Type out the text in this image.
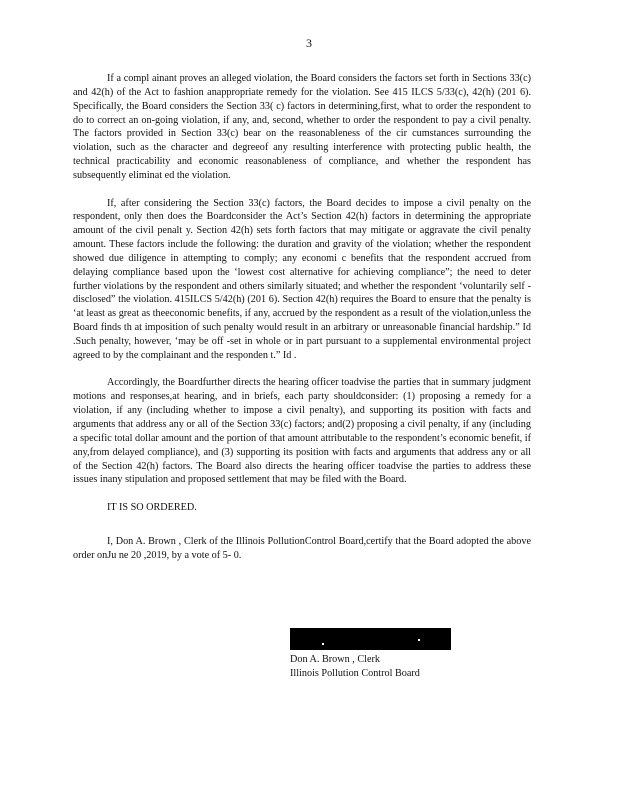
3

If a compl ainant proves an alleged violation, the Board considers the factors set forth in Sections 33(c) and 42(h) of the Act to fashion anappropriate remedy for the violation. See 415 ILCS 5/33(c), 42(h) (201 6). Specifically, the Board considers the Section 33( c) factors in determining,first, what to order the respondent to do to correct an on-going violation, if any, and, second, whether to order the respondent to pay a civil penalty. The factors provided in Section 33(c) bear on the reasonableness of the cir cumstances surrounding the violation, such as the character and degreeof any resulting interference with protecting public health, the technical practicability and economic reasonableness of compliance, and whether the respondent has subsequently eliminat ed the violation.

If, after considering the Section 33(c) factors, the Board decides to impose a civil penalty on the respondent, only then does the Boardconsider the Act’s Section 42(h) factors in determining the appropriate amount of the civil penalt y. Section 42(h) sets forth factors that may mitigate or aggravate the civil penalty amount. These factors include the following: the duration and gravity of the violation; whether the respondent showed due diligence in attempting to comply; any economi c benefits that the respondent accrued from delaying compliance based upon the ‘lowest cost alternative for achieving compliance”; the need to deter further violations by the respondent and others similarly situated; and whether the respondent ‘voluntarily self - disclosed” the violation. 415ILCS 5/42(h) (201 6). Section 42(h) requires the Board to ensure that the penalty is ‘at least as great as theeconomic benefits, if any, accrued by the respondent as a result of the violation,unless the Board finds th at imposition of such penalty would result in an arbitrary or unreasonable financial hardship.” Id .Such penalty, however, ‘may be off -set in whole or in part pursuant to a supplemental environmental project agreed to by the complainant and the responden t.” Id .

Accordingly, the Boardfurther directs the hearing officer toadvise the parties that in summary judgment motions and responses,at hearing, and in briefs, each party shouldconsider: (1) proposing a remedy for a violation, if any (including whether to impose a civil penalty), and supporting its position with facts and arguments that address any or all of the Section 33(c) factors; and(2) proposing a civil penalty, if any (including a specific total dollar amount and the portion of that amount attributable to the respondent’s economic benefit, if any,from delayed compliance), and (3) supporting its position with facts and arguments that address any or all of the Section 42(h) factors. The Board also directs the hearing officer toadvise the parties to address these issues inany stipulation and proposed settlement that may be filed with the Board.

IT IS SO ORDERED.

I, Don A. Brown , Clerk of the Illinois PollutionControl Board,certify that the Board adopted the above order onJu ne 20 ,2019, by a vote of 5- 0.

Don A. Brown , Clerk
Illinois Pollution Control Board
